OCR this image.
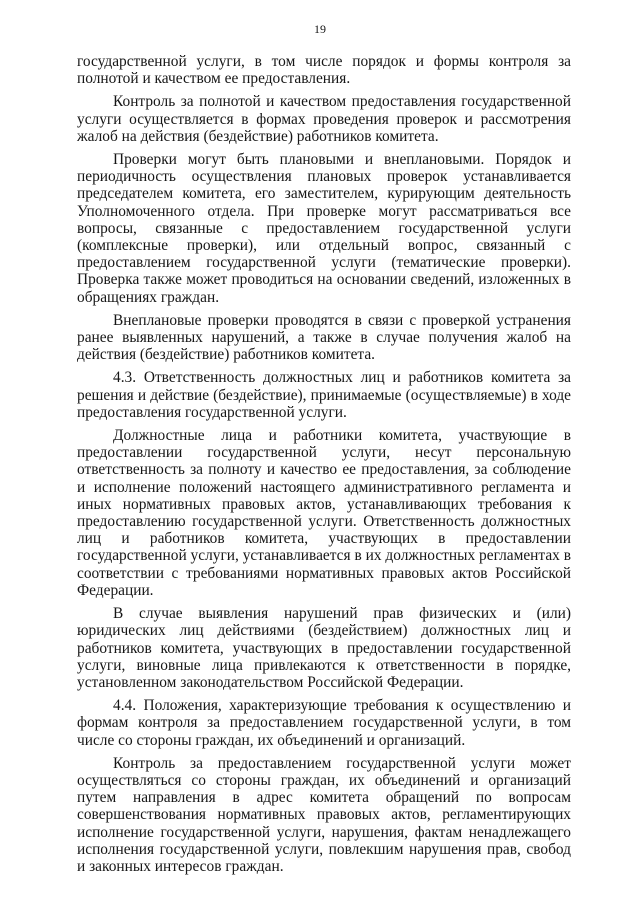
19

государственной услуги, в том числе порядок и формы контроля за полнотой и качеством ее предоставления.

Контроль за полнотой и качеством предоставления государственной услуги осуществляется в формах проведения проверок и рассмотрения жалоб на действия (бездействие) работников комитета.

Проверки могут быть плановыми и внеплановыми. Порядок и периодичность осуществления плановых проверок устанавливается председателем комитета, его заместителем, курирующим деятельность Уполномоченного отдела. При проверке могут рассматриваться все вопросы, связанные с предоставлением государственной услуги (комплексные проверки), или отдельный вопрос, связанный с предоставлением государственной услуги (тематические проверки). Проверка также может проводиться на основании сведений, изложенных в обращениях граждан.

Внеплановые проверки проводятся в связи с проверкой устранения ранее выявленных нарушений, а также в случае получения жалоб на действия (бездействие) работников комитета.

4.3. Ответственность должностных лиц и работников комитета за решения и действие (бездействие), принимаемые (осуществляемые) в ходе предоставления государственной услуги.

Должностные лица и работники комитета, участвующие в предоставлении государственной услуги, несут персональную ответственность за полноту и качество ее предоставления, за соблюдение и исполнение положений настоящего административного регламента и иных нормативных правовых актов, устанавливающих требования к предоставлению государственной услуги. Ответственность должностных лиц и работников комитета, участвующих в предоставлении государственной услуги, устанавливается в их должностных регламентах в соответствии с требованиями нормативных правовых актов Российской Федерации.

В случае выявления нарушений прав физических и (или) юридических лиц действиями (бездействием) должностных лиц и работников комитета, участвующих в предоставлении государственной услуги, виновные лица привлекаются к ответственности в порядке, установленном законодательством Российской Федерации.

4.4. Положения, характеризующие требования к осуществлению и формам контроля за предоставлением государственной услуги, в том числе со стороны граждан, их объединений и организаций.

Контроль за предоставлением государственной услуги может осуществляться со стороны граждан, их объединений и организаций путем направления в адрес комитета обращений по вопросам совершенствования нормативных правовых актов, регламентирующих исполнение государственной услуги, нарушения, фактам ненадлежащего исполнения государственной услуги, повлекшим нарушения прав, свобод и законных интересов граждан.
